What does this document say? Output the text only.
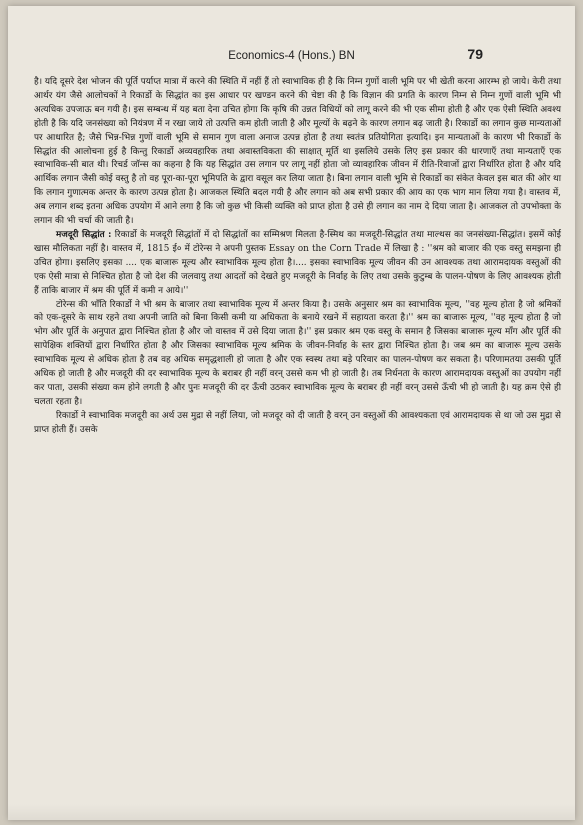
Economics-4 (Hons.) BN	79

है। यदि दूसरे देश भोजन की पूर्ति पर्याप्त मात्रा में करने की स्थिति में नहीं हैं तो स्वाभाविक ही है कि निम्न गुणों वाली भूमि पर भी खेती करना आरम्भ हो जाये। केरी तथा आर्थर यंग जैसे आलोचकों ने रिकार्डो के सिद्धांत का इस आधार पर खण्डन करने की चेष्टा की है कि विज्ञान की प्रगति के कारण निम्न से निम्न गुणों वाली भूमि भी अत्यधिक उपजाऊ बन गयी है। इस सम्बन्ध में यह बता देना उचित होगा कि कृषि की उन्नत विधियों को लागू करने की भी एक सीमा होती है और एक ऐसी स्थिति अवश्य होती है कि यदि जनसंख्या को नियंत्रण में न रखा जाये तो उत्पत्ति कम होती जाती है और मूल्यों के बढ़ने के कारण लगान बढ़ जाती है। रिकार्डो का लगान कुछ मान्यताओं पर आधारित है; जैसे भिन्न-भिन्न गुणों वाली भूमि से समान गुण वाला अनाज उत्पन्न होता है तथा स्वतंत्र प्रतियोगिता इत्यादि। इन मान्यताओं के कारण भी रिकार्डो के सिद्धांत की आलोचना हुई है किन्तु रिकार्डो अव्यवहारिक तथा अवास्तविकता की साक्षात् मूर्ति था इसलिये उसके लिए इस प्रकार की धारणाएँ तथा मान्यताएँ एक स्वाभाविक-सी बात थी। रिचर्ड जॉन्स का कहना है कि यह सिद्धांत उस लगान पर लागू नहीं होता जो व्यावहारिक जीवन में रीति-रिवाजों द्वारा निर्धारित होता है और यदि आर्थिक लगान जैसी कोई वस्तु है तो वह पूरा-का-पूरा भूमिपति के द्वारा वसूल कर लिया जाता है। बिना लगान वाली भूमि से रिकार्डो का संकेत केवल इस बात की ओर था कि लगान गुणात्मक अन्तर के कारण उत्पन्न होता है। आजकल स्थिति बदल गयी है और लगान को अब सभी प्रकार की आय का एक भाग मान लिया गया है। वास्तव में, अब लगान शब्द इतना अधिक उपयोग में आने लगा है कि जो कुछ भी किसी व्यक्ति को प्राप्त होता है उसे ही लगान का नाम दे दिया जाता है। आजकल तो उपभोक्ता के लगान की भी चर्चा की जाती है।

मजदूरी सिद्धांत : रिकार्डो के मजदूरी सिद्धांतों में दो सिद्धांतों का सम्मिश्रण मिलता है-स्मिथ का मजदूरी-सिद्धांत तथा माल्थस का जनसंख्या-सिद्धांत। इसमें कोई खास मौलिकता नहीं है। वास्तव में, 1815 ई० में टोरेन्स ने अपनी पुस्तक Essay on the Corn Trade में लिखा है : ''श्रम को बाजार की एक वस्तु समझना ही उचित होगा। इसलिए इसका .... एक बाजारू मूल्य और स्वाभाविक मूल्य होता है।.... इसका स्वाभाविक मूल्य जीवन की उन आवश्यक तथा आरामदायक वस्तुओं की एक ऐसी मात्रा से निश्चित होता है जो देश की जलवायु तथा आदतों को देखते हुए मजदूरी के निर्वाह के लिए तथा उसके कुटुम्ब के पालन-पोषण के लिए आवश्यक होती हैं ताकि बाजार में श्रम की पूर्ति में कमी न आये।''

टोरेन्स की भाँति रिकार्डो ने भी श्रम के बाजार तथा स्वाभाविक मूल्य में अन्तर किया है। उसके अनुसार श्रम का स्वाभाविक मूल्य, ''वह मूल्य होता है जो श्रमिकों को एक-दूसरे के साथ रहने तथा अपनी जाति को बिना किसी कमी या अधिकता के बनाये रखने में सहायता करता है।'' श्रम का बाजारू मूल्य, ''वह मूल्य होता है जो भोग और पूर्ति के अनुपात द्वारा निश्चित होता है और जो वास्तव में उसे दिया जाता है।'' इस प्रकार श्रम एक वस्तु के समान है जिसका बाजारू मूल्य माँग और पूर्ति की सापेक्षिक शक्तियों द्वारा निर्धारित होता है और जिसका स्वाभाविक मूल्य श्रमिक के जीवन-निर्वाह के स्तर द्वारा निश्चित होता है। जब श्रम का बाजारू मूल्य उसके स्वाभाविक मूल्य से अधिक होता है तब वह अधिक समृद्धशाली हो जाता है और एक स्वस्थ तथा बड़े परिवार का पालन-पोषण कर सकता है। परिणामतया उसकी पूर्ति अधिक हो जाती है और मजदूरी की दर स्वाभाविक मूल्य के बराबर ही नहीं वरन् उससे कम भी हो जाती है। तब निर्धनता के कारण आरामदायक वस्तुओं का उपयोग नहीं कर पाता, उसकी संख्या कम होने लगती है और पुनः मजदूरी की दर ऊँची उठकर स्वाभाविक मूल्य के बराबर ही नहीं वरन् उससे ऊँची भी हो जाती है। यह क्रम ऐसे ही चलता रहता है।

रिकार्डो ने स्वाभाविक मजदूरी का अर्थ उस मुद्रा से नहीं लिया, जो मजदूर को दी जाती है वरन् उन वस्तुओं की आवश्यकता एवं आरामदायक से था जो उस मुद्रा से प्राप्त होती हैं। उसके
